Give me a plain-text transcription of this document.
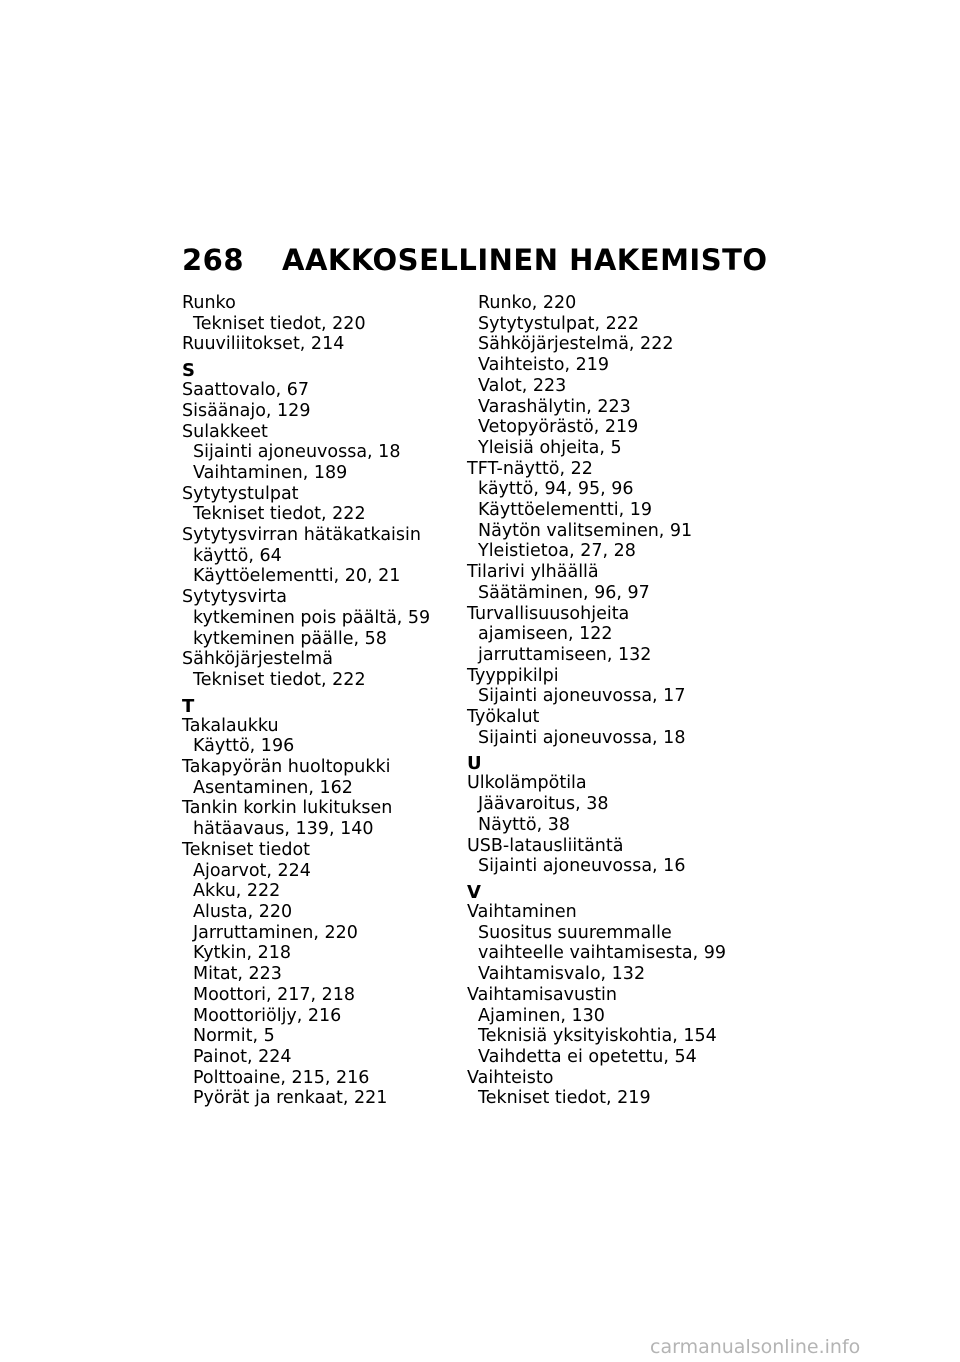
268	AAKKOSELLINEN HAKEMISTO
Runko
Tekniset tiedot, 220
Ruuviliitokset, 214
S
Saattovalo, 67
Sisäänajo, 129
Sulakkeet
Sijainti ajoneuvossa, 18
Vaihtaminen, 189
Sytytystulpat
Tekniset tiedot, 222
Sytytysvirran hätäkatkaisin
käyttö, 64
Käyttöelementti, 20, 21
Sytytysvirta
kytkeminen pois päältä, 59
kytkeminen päälle, 58
Sähköjärjestelmä
Tekniset tiedot, 222
T
Takalaukku
Käyttö, 196
Takapyörän huoltopukki
Asentaminen, 162
Tankin korkin lukituksen
hätäavaus, 139, 140
Tekniset tiedot
Ajoarvot, 224
Akku, 222
Alusta, 220
Jarruttaminen, 220
Kytkin, 218
Mitat, 223
Moottori, 217, 218
Moottoriöljy, 216
Normit, 5
Painot, 224
Polttoaine, 215, 216
Pyörät ja renkaat, 221
Runko, 220
Sytytystulpat, 222
Sähköjärjestelmä, 222
Vaihteisto, 219
Valot, 223
Varashälytin, 223
Vetopyörästö, 219
Yleisiä ohjeita, 5
TFT-näyttö, 22
käyttö, 94, 95, 96
Käyttöelementti, 19
Näytön valitseminen, 91
Yleistietoa, 27, 28
Tilarivi ylhäällä
Säätäminen, 96, 97
Turvallisuusohjeita
ajamiseen, 122
jarruttamiseen, 132
Tyyppikilpi
Sijainti ajoneuvossa, 17
Työkalut
Sijainti ajoneuvossa, 18
U
Ulkolämpötila
Jäävaroitus, 38
Näyttö, 38
USB-latausliitäntä
Sijainti ajoneuvossa, 16
V
Vaihtaminen
Suositus suuremmalle
vaihteelle vaihtamisesta, 99
Vaihtamisvalo, 132
Vaihtamisavustin
Ajaminen, 130
Teknisiä yksityiskohtia, 154
Vaihdetta ei opetettu, 54
Vaihteisto
Tekniset tiedot, 219
carmanualsonline.info
